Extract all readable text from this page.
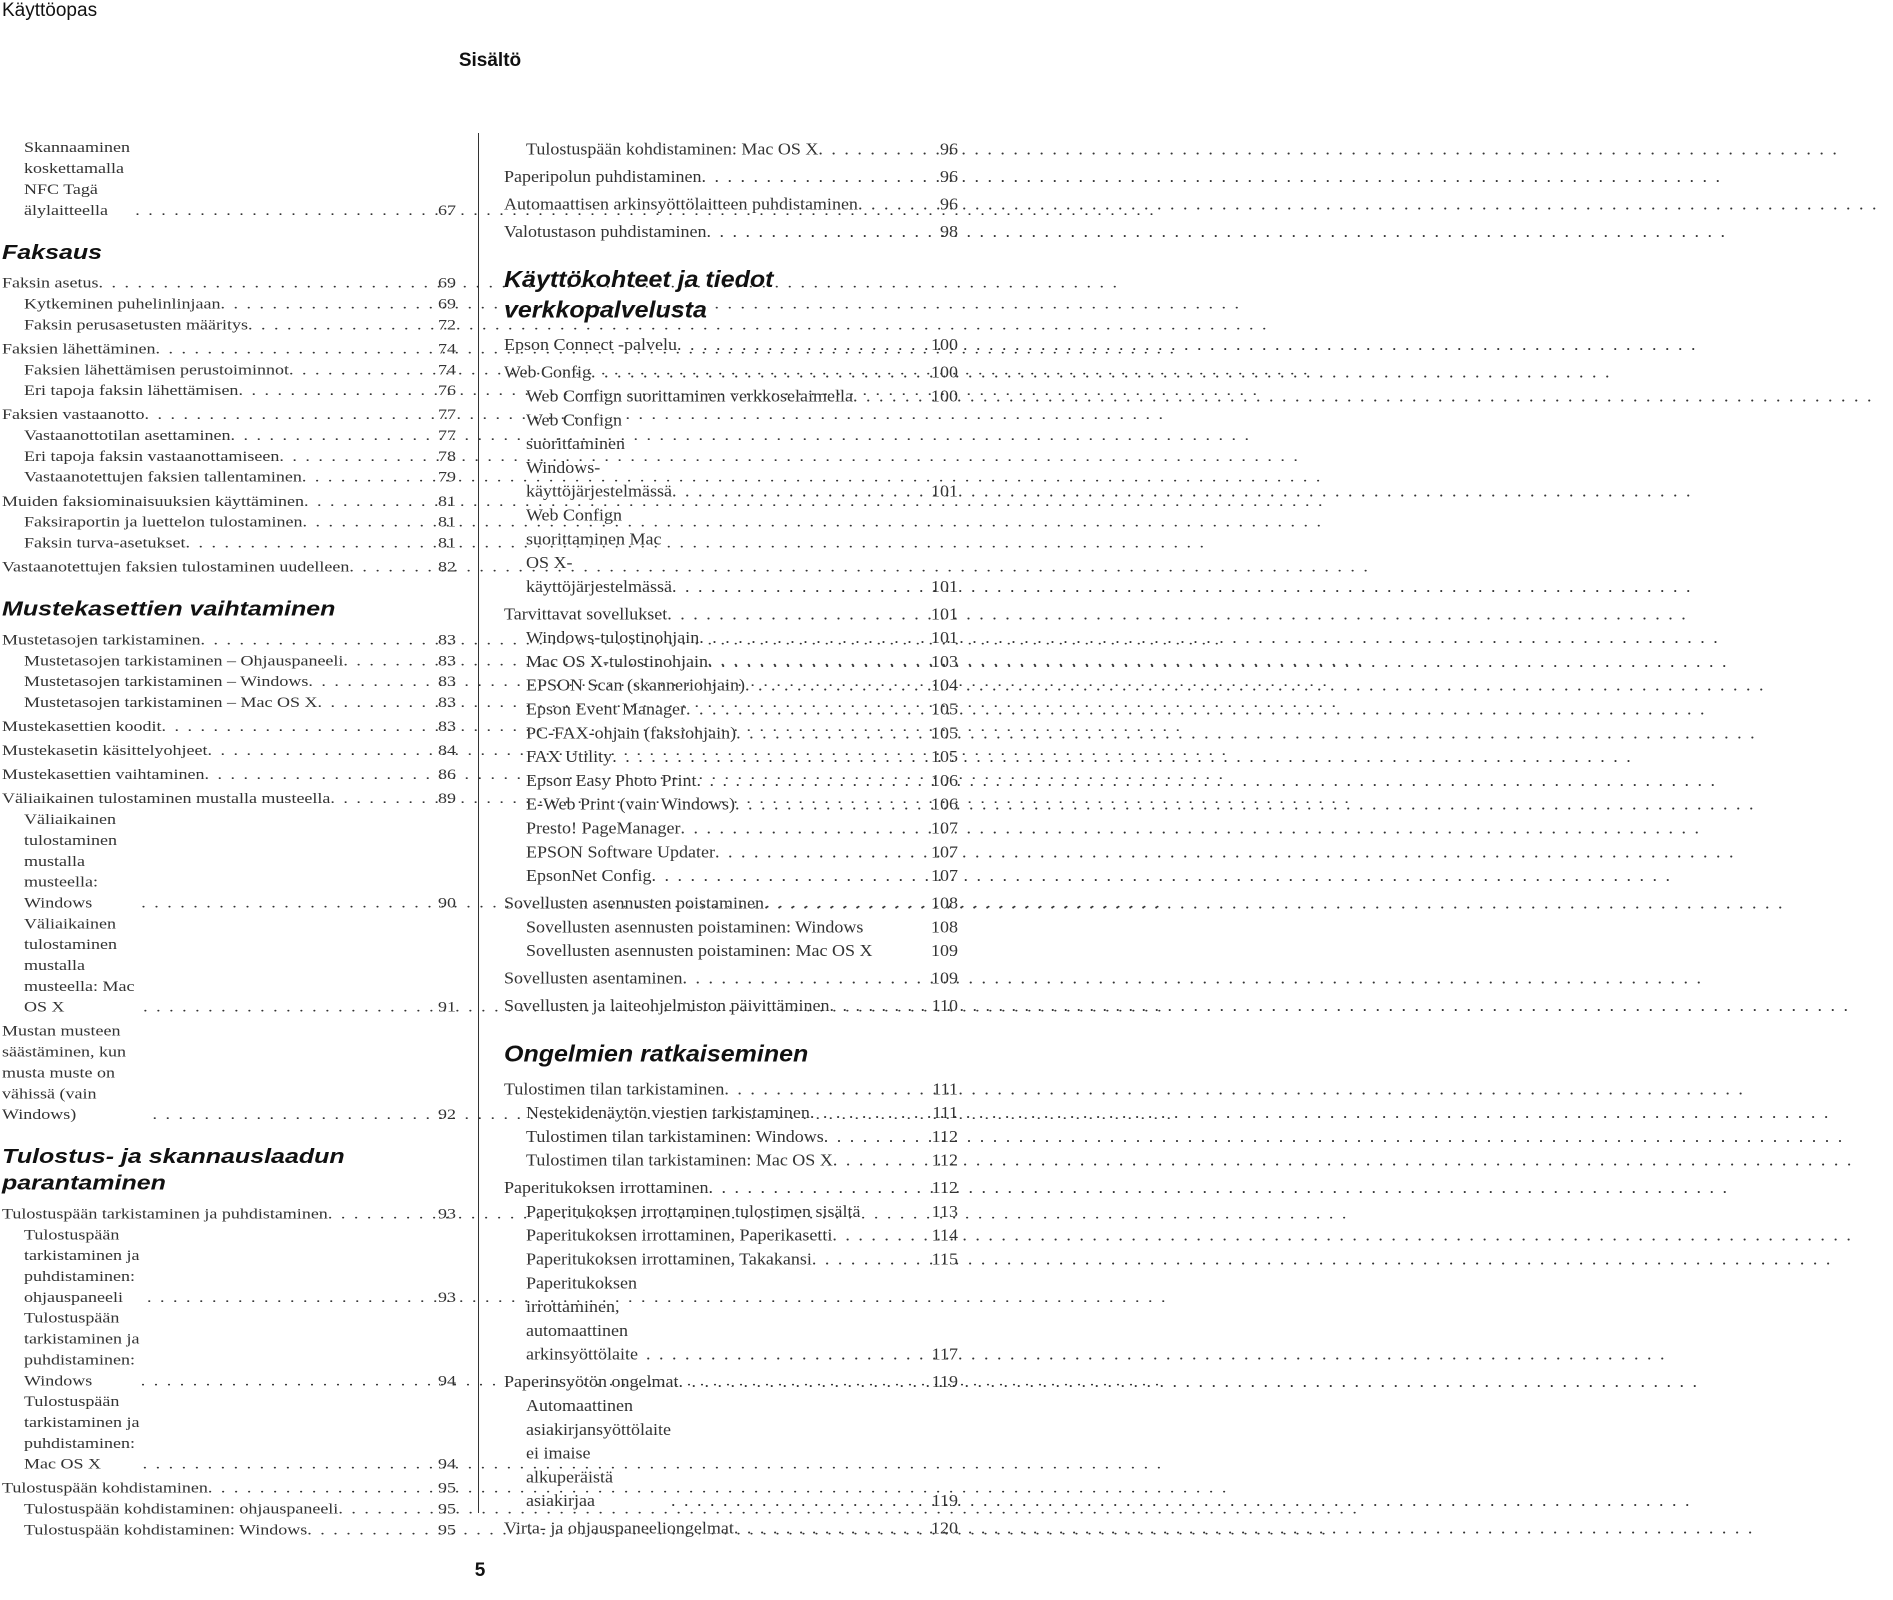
Käyttöopas
Sisältö
Skannaaminen koskettamalla NFC Tagä älylaitteella . . .	67
Faksaus
Faksin asetus . . .	69
Kytkeminen puhelinlinjaan . . .	69
Faksin perusasetusten määritys . . .	72
Faksien lähettäminen . . .	74
Faksien lähettämisen perustoiminnot . . .	74
Eri tapoja faksin lähettämisen . . .	76
Faksien vastaanotto . . .	77
Vastaanottotilan asettaminen . . .	77
Eri tapoja faksin vastaanottamiseen . . .	78
Vastaanotettujen faksien tallentaminen . . .	79
Muiden faksiominaisuuksien käyttäminen . . .	81
Faksiraportin ja luettelon tulostaminen . . .	81
Faksin turva-asetukset . . .	81
Vastaanotettujen faksien tulostaminen uudelleen . . .	82
Mustekasettien vaihtaminen
Mustetasojen tarkistaminen . . .	83
Mustetasojen tarkistaminen – Ohjauspaneeli . . .	83
Mustetasojen tarkistaminen – Windows . . .	83
Mustetasojen tarkistaminen – Mac OS X . . .	83
Mustekasettien koodit . . .	83
Mustekasetin käsittelyohjeet . . .	84
Mustekasettien vaihtaminen . . .	86
Väliaikainen tulostaminen mustalla musteella . . .	89
Väliaikainen tulostaminen mustalla musteella: Windows . . .	90
Väliaikainen tulostaminen mustalla musteella: Mac OS X . . .	91
Mustan musteen säästäminen, kun musta muste on vähissä (vain Windows) . . .	92
Tulostus- ja skannauslaadun parantaminen
Tulostuspään tarkistaminen ja puhdistaminen . . .	93
Tulostuspään tarkistaminen ja puhdistaminen: ohjauspaneeli . . .	93
Tulostuspään tarkistaminen ja puhdistaminen: Windows . . .	94
Tulostuspään tarkistaminen ja puhdistaminen: Mac OS X . . .	94
Tulostuspään kohdistaminen . . .	95
Tulostuspään kohdistaminen: ohjauspaneeli . . .	95
Tulostuspään kohdistaminen: Windows . . .	95
Tulostuspään kohdistaminen: Mac OS X . . .	96
Paperipolun puhdistaminen . . .	96
Automaattisen arkinsyöttölaitteen puhdistaminen . . .	96
Valotustason puhdistaminen . . .	98
Käyttökohteet ja tiedot verkkopalvelusta
Epson Connect -palvelu . . .	100
Web Config . . .	100
Web Confign suorittaminen verkkoselaimella . . .	100
Web Confign suorittaminen Windows-käyttöjärjestelmässä . . .	101
Web Confign suorittaminen Mac OS X-käyttöjärjestelmässä . . .	101
Tarvittavat sovellukset . . .	101
Windows-tulostinohjain . . .	101
Mac OS X-tulostinohjain . . .	103
EPSON Scan (skanneriohjain) . . .	104
Epson Event Manager . . .	105
PC-FAX-ohjain (faksiohjain) . . .	105
FAX Utility . . .	105
Epson Easy Photo Print . . .	106
E-Web Print (vain Windows) . . .	106
Presto! PageManager . . .	107
EPSON Software Updater . . .	107
EpsonNet Config . . .	107
Sovellusten asennusten poistaminen . . .	108
Sovellusten asennusten poistaminen: Windows	108
Sovellusten asennusten poistaminen: Mac OS X	109
Sovellusten asentaminen . . .	109
Sovellusten ja laiteohjelmiston päivittäminen . . .	110
Ongelmien ratkaiseminen
Tulostimen tilan tarkistaminen . . .	111
Nestekidenäytön viestien tarkistaminen . . .	111
Tulostimen tilan tarkistaminen: Windows . . .	112
Tulostimen tilan tarkistaminen: Mac OS X . . .	112
Paperitukoksen irrottaminen . . .	112
Paperitukoksen irrottaminen tulostimen sisältä	113
Paperitukoksen irrottaminen, Paperikasetti . . .	114
Paperitukoksen irrottaminen, Takakansi . . .	115
Paperitukoksen irrottaminen, automaattinen arkinsyöttölaite . . .	117
Paperinsyötön ongelmat . . .	119
Automaattinen asiakirjansyöttölaite ei imaise alkuperäistä asiakirjaa . . .	119
Virta- ja ohjauspaneeliongelmat . . .	120
5
